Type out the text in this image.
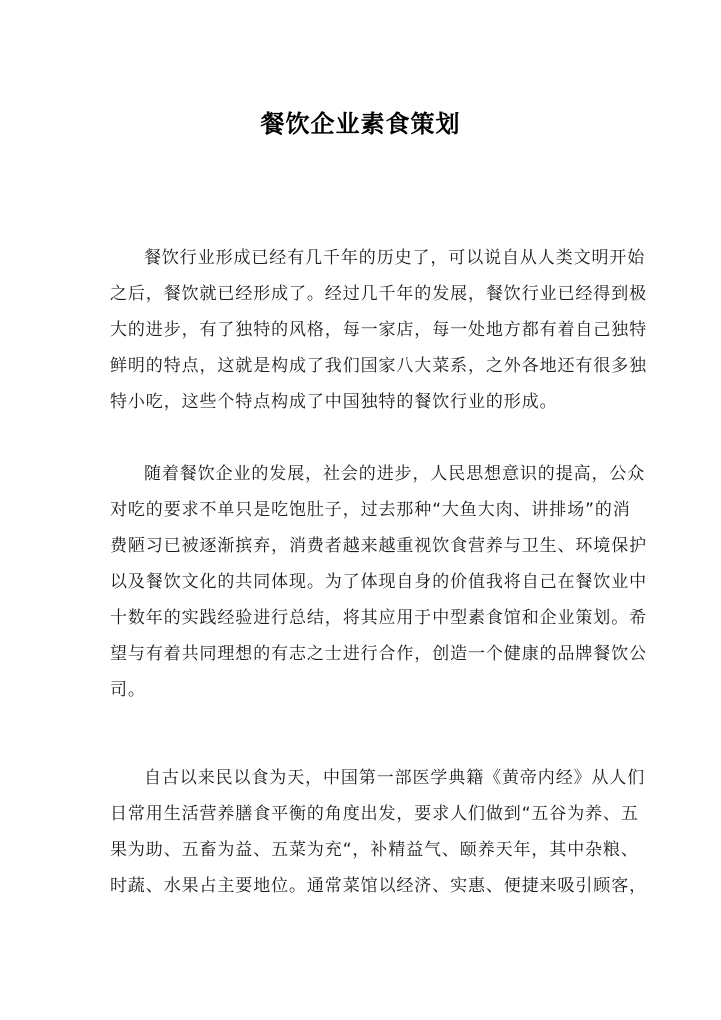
餐饮企业素食策划
餐饮行业形成已经有几千年的历史了，可以说自从人类文明开始
之后，餐饮就已经形成了。经过几千年的发展，餐饮行业已经得到极
大的进步，有了独特的风格，每一家店，每一处地方都有着自己独特
鲜明的特点，这就是构成了我们国家八大菜系，之外各地还有很多独
特小吃，这些个特点构成了中国独特的餐饮行业的形成。
随着餐饮企业的发展，社会的进步，人民思想意识的提高，公众
对吃的要求不单只是吃饱肚子，过去那种“大鱼大肉、讲排场”的消
费陋习已被逐渐摈弃，消费者越来越重视饮食营养与卫生、环境保护
以及餐饮文化的共同体现。为了体现自身的价值我将自己在餐饮业中
十数年的实践经验进行总结，将其应用于中型素食馆和企业策划。希
望与有着共同理想的有志之士进行合作，创造一个健康的品牌餐饮公
司。
自古以来民以食为天，中国第一部医学典籍《黄帝内经》从人们
日常用生活营养膳食平衡的角度出发，要求人们做到“五谷为养、五
果为助、五畜为益、五菜为充“，补精益气、颐养天年，其中杂粮、
时蔬、水果占主要地位。通常菜馆以经济、实惠、便捷来吸引顾客，
